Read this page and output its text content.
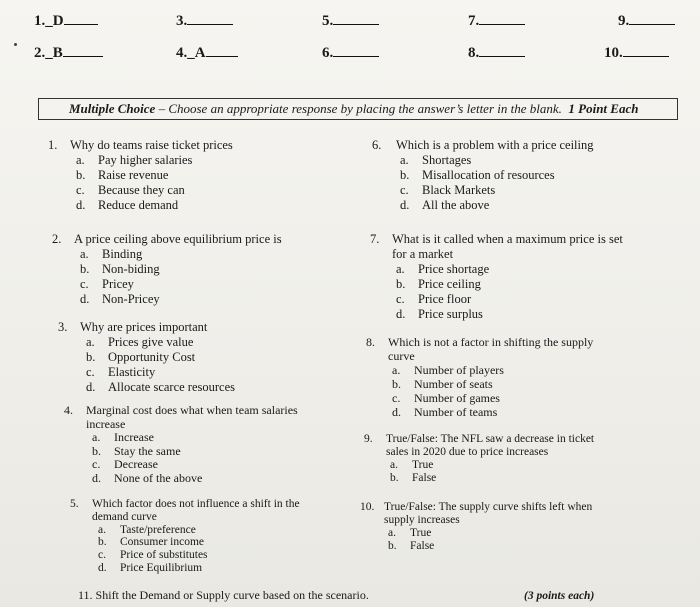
1._D	3.	5.	7.	9.
2._B	4._A	6.	8.	10.
Multiple Choice – Choose an appropriate response by placing the answer’s letter in the blank. 1 Point Each
1. Why do teams raise ticket prices
a. Pay higher salaries
b. Raise revenue
c. Because they can
d. Reduce demand
2. A price ceiling above equilibrium price is
a. Binding
b. Non-biding
c. Pricey
d. Non-Pricey
3. Why are prices important
a. Prices give value
b. Opportunity Cost
c. Elasticity
d. Allocate scarce resources
4. Marginal cost does what when team salaries
increase
a. Increase
b. Stay the same
c. Decrease
d. None of the above
5. Which factor does not influence a shift in the
demand curve
a. Taste/preference
b. Consumer income
c. Price of substitutes
d. Price Equilibrium
6. Which is a problem with a price ceiling
a. Shortages
b. Misallocation of resources
c. Black Markets
d. All the above
7. What is it called when a maximum price is set
for a market
a. Price shortage
b. Price ceiling
c. Price floor
d. Price surplus
8. Which is not a factor in shifting the supply
curve
a. Number of players
b. Number of seats
c. Number of games
d. Number of teams
9. True/False: The NFL saw a decrease in ticket
sales in 2020 due to price increases
a. True
b. False
10. True/False: The supply curve shifts left when
supply increases
a. True
b. False
11. Shift the Demand or Supply curve based on the scenario.	(3 points each)
